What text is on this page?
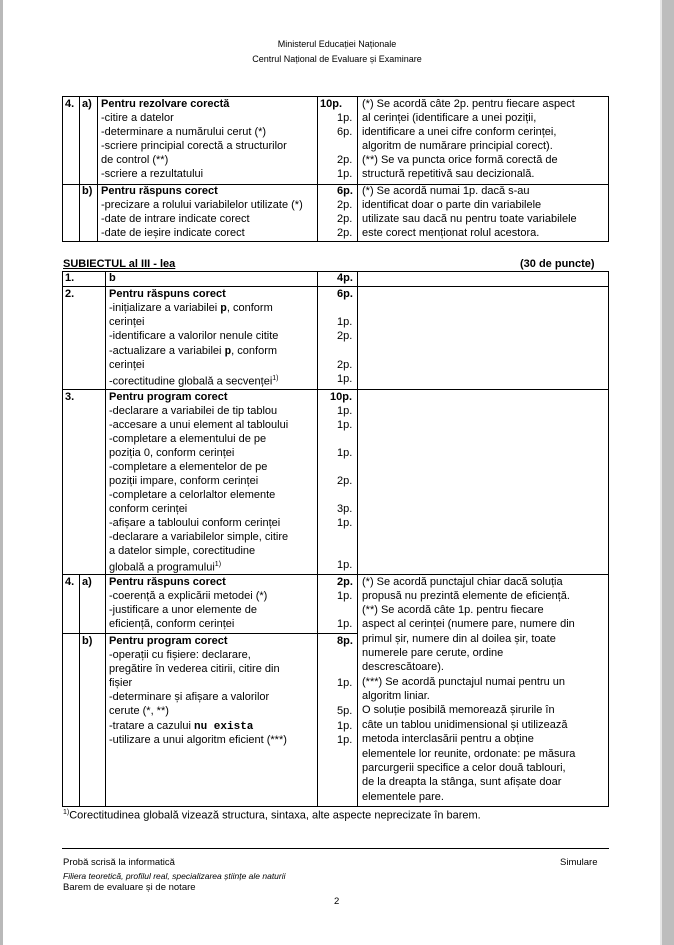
Ministerul Educației Naționale
Centrul Național de Evaluare și Examinare
4. a) Pentru rezolvare corectă	10p.
-citire a datelor	1p.
-determinare a numărului cerut (*)	6p.
-scriere principial corectă a structurilor
de control (**)	2p.
-scriere a rezultatului	1p.
(*) Se acordă câte 2p. pentru fiecare aspect
al cerinței (identificare a unei poziții,
identificare a unei cifre conform cerinței,
algoritm de numărare principial corect).
(**) Se va puncta orice formă corectă de
structură repetitivă sau decizională.
b) Pentru răspuns corect	6p.
-precizare a rolului variabilelor utilizate (*)	2p.
-date de intrare indicate corect	2p.
-date de ieșire indicate corect	2p.
(*) Se acordă numai 1p. dacă s-au
identificat doar o parte din variabilele
utilizate sau dacă nu pentru toate variabilele
este corect menționat rolul acestora.
SUBIECTUL al III - lea	(30 de puncte)
1.	b	4p.
2.	Pentru răspuns corect	6p.
-inițializare a variabilei p, conform
cerinței	1p.
-identificare a valorilor nenule citite	2p.
-actualizare a variabilei p, conform
cerinței	2p.
-corectitudine globală a secvenței$^{1)}$	1p.
3.	Pentru program corect	10p.
-declarare a variabilei de tip tablou	1p.
-accesare a unui element al tabloului	1p.
-completare a elementului de pe
poziția 0, conform cerinței	1p.
-completare a elementelor de pe
poziții impare, conform cerinței	2p.
-completare a celorlaltor elemente
conform cerinței	3p.
-afișare a tabloului conform cerinței	1p.
-declarare a variabilelor simple, citire
a datelor simple, corectitudine
globală a programului$^{1)}$	1p.
4. a) Pentru răspuns corect	2p.
-coerență a explicării metodei (*)	1p.
-justificare a unor elemente de
eficiență, conform cerinței	1p.
b) Pentru program corect	8p.
-operații cu fișiere: declarare,
pregătire în vederea citirii, citire din
fișier	1p.
-determinare și afișare a valorilor
cerute (*, **)	5p.
-tratare a cazului nu exista	1p.
-utilizare a unui algoritm eficient (***)	1p.
(*) Se acordă punctajul chiar dacă soluția
propusă nu prezintă elemente de eficiență.
(**) Se acordă câte 1p. pentru fiecare
aspect al cerinței (numere pare, numere din
primul șir, numere din al doilea șir, toate
numerele pare cerute, ordine
descrescătoare).
(***) Se acordă punctajul numai pentru un
algoritm liniar.
O soluție posibilă memorează șirurile în
câte un tablou unidimensional și utilizează
metoda interclasării pentru a obține
elementele lor reunite, ordonate: pe măsura
parcurgerii specifice a celor două tablouri,
de la dreapta la stânga, sunt afișate doar
elementele pare.
$^{1)}$Corectitudinea globală vizează structura, sintaxa, alte aspecte neprecizate în barem.
Probă scrisă la informatică	Simulare
Filiera teoretică, profilul real, specializarea științe ale naturii
Barem de evaluare și de notare
2
